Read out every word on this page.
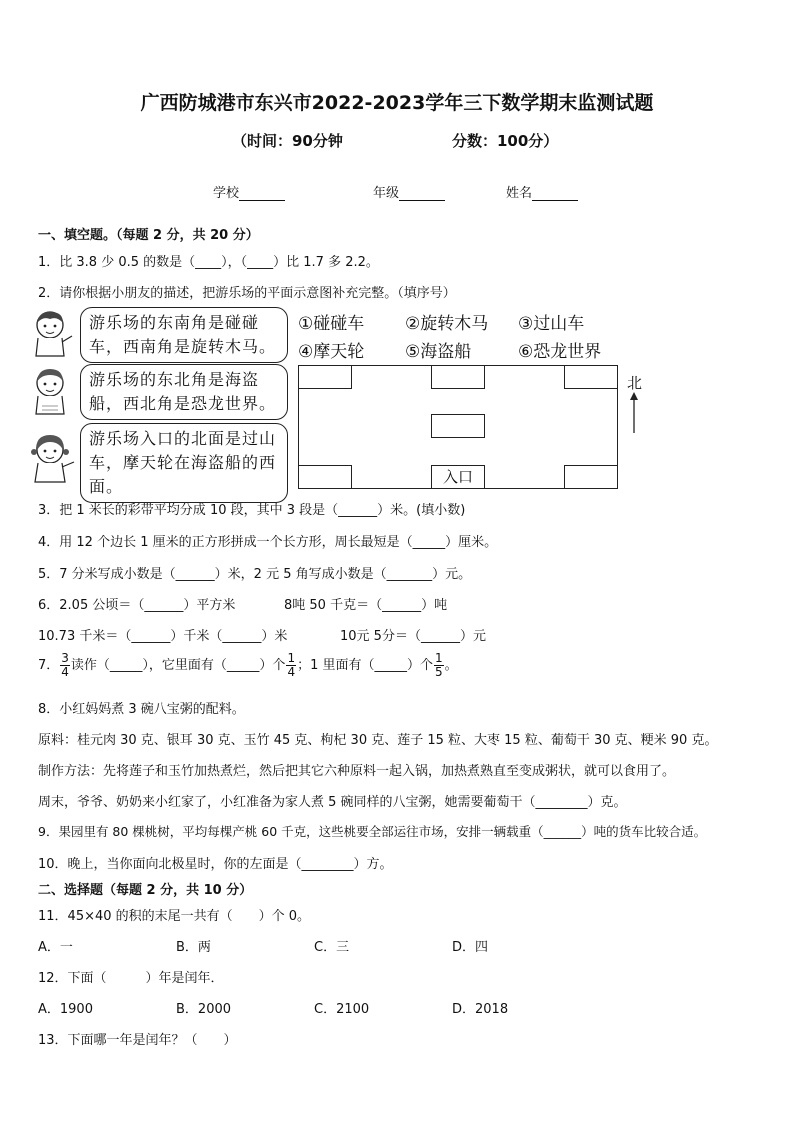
广西防城港市东兴市2022-2023学年三下数学期末监测试题
（时间：90分钟	分数：100分）
学校	年级	姓名
一、填空题。（每题 2 分，共 20 分）
1．比 3.8 少 0.5 的数是（____），（____）比 1.7 多 2.2。
2．请你根据小朋友的描述，把游乐场的平面示意图补充完整。（填序号）
游乐场的东南角是碰碰车，西南角是旋转木马。
游乐场的东北角是海盗船，西北角是恐龙世界。
游乐场入口的北面是过山车，摩天轮在海盗船的西面。
①碰碰车 ②旋转木马 ③过山车
④摩天轮 ⑤海盗船	⑥恐龙世界
入口
北
3．把 1 米长的彩带平均分成 10 段，其中 3 段是（______）米。(填小数)
4．用 12 个边长 1 厘米的正方形拼成一个长方形，周长最短是（_____）厘米。
5．7 分米写成小数是（______）米，2 元 5 角写成小数是（_______）元。
6．2.05 公顷＝（______）平方米	8吨 50 千克＝（______）吨
10.73 千米＝（______）千米（______）米	10元 5分＝（______）元
7． $\frac{3}{4}$ 读作（_____），它里面有（_____）个 $\frac{1}{4}$ ；1 里面有（_____）个 $\frac{1}{5}$ 。
8．小红妈妈煮 3 碗八宝粥的配料。
原料：桂元肉 30 克、银耳 30 克、玉竹 45 克、枸杞 30 克、莲子 15 粒、大枣 15 粒、葡萄干 30 克、粳米 90 克。
制作方法：先将莲子和玉竹加热煮烂，然后把其它六种原料一起入锅，加热煮熟直至变成粥状，就可以食用了。
周末，爷爷、奶奶来小红家了，小红准备为家人煮 5 碗同样的八宝粥，她需要葡萄干（________）克。
9．果园里有 80 棵桃树，平均每棵产桃 60 千克，这些桃要全部运往市场，安排一辆载重（______）吨的货车比较合适。
10．晚上，当你面向北极星时，你的左面是（________）方。
二、选择题（每题 2 分，共 10 分）
11．45×40 的积的末尾一共有（　　）个 0。
A．一	B．两	C．三	D．四
12．下面（　　　）年是闰年．
A．1900	B．2000	C．2100	D．2018
13．下面哪一年是闰年？（　　）
